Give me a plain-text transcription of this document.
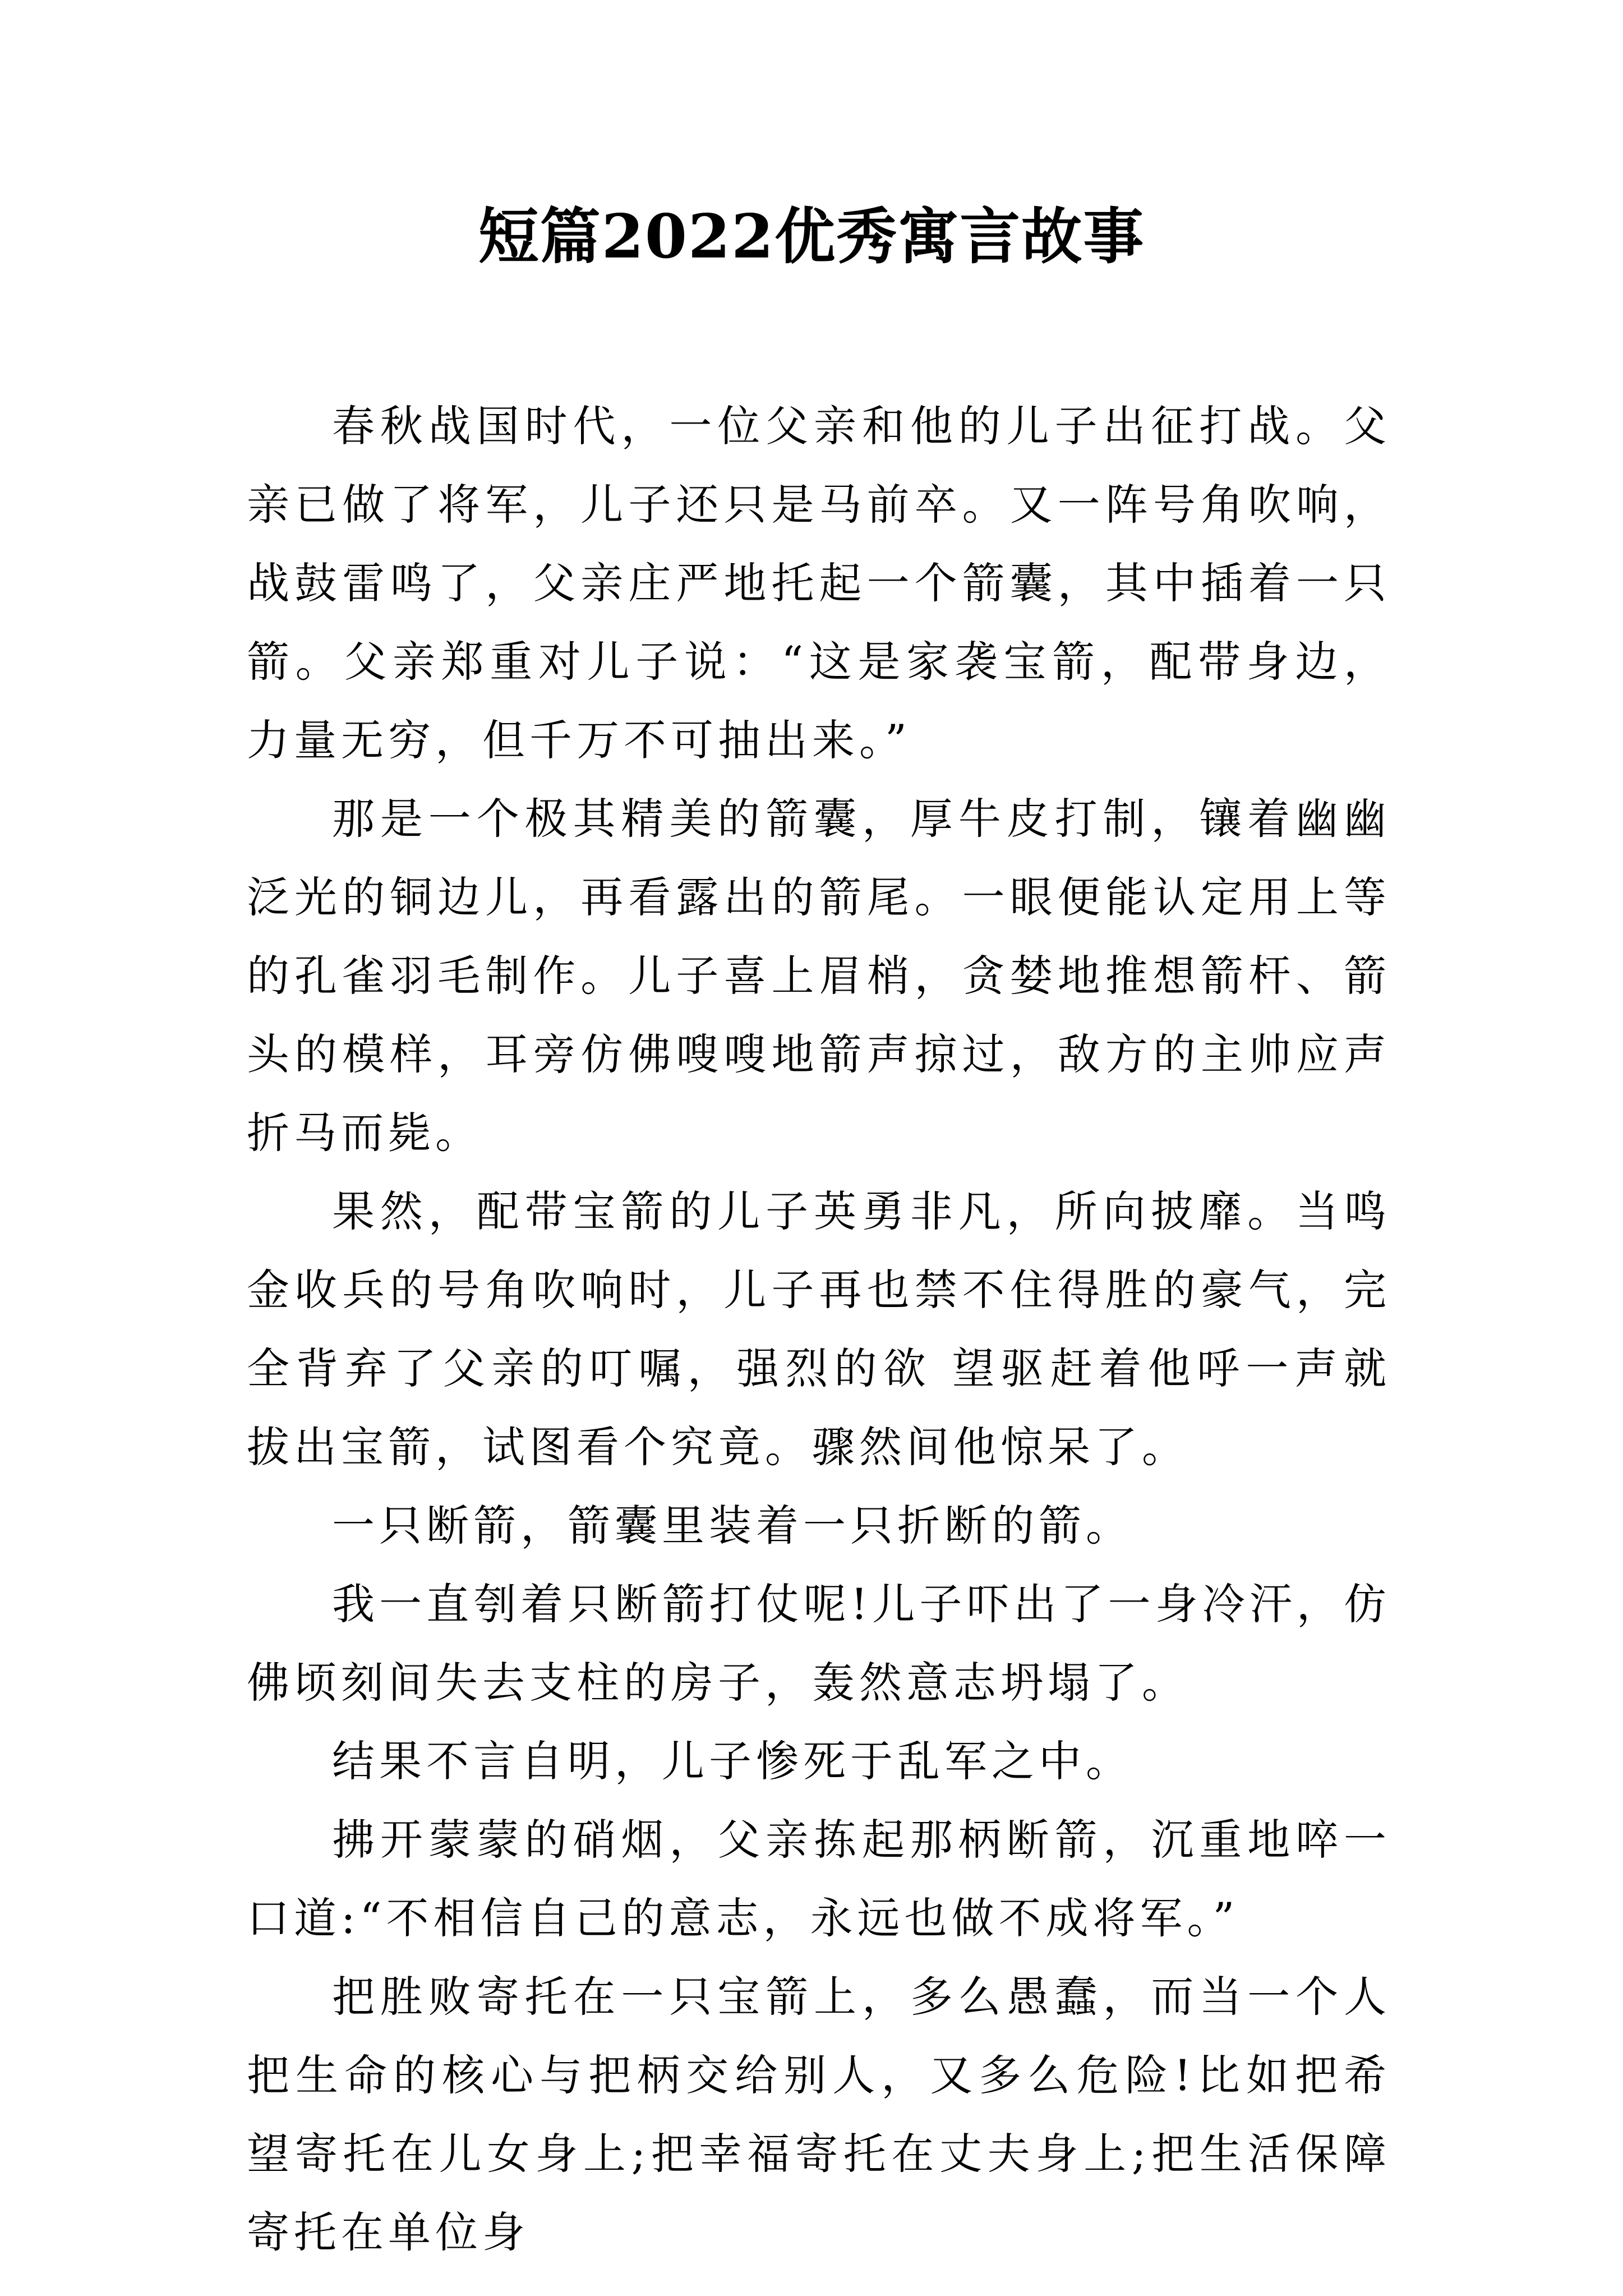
短篇2022优秀寓言故事

春秋战国时代，一位父亲和他的儿子出征打战。父亲已做了将军，儿子还只是马前卒。又一阵号角吹响，战鼓雷鸣了，父亲庄严地托起一个箭囊，其中插着一只箭。父亲郑重对儿子说：“这是家袭宝箭，配带身边，力量无穷，但千万不可抽出来。”

那是一个极其精美的箭囊，厚牛皮打制，镶着幽幽泛光的铜边儿，再看露出的箭尾。一眼便能认定用上等的孔雀羽毛制作。儿子喜上眉梢，贪婪地推想箭杆、箭头的模样，耳旁仿佛嗖嗖地箭声掠过，敌方的主帅应声折马而毙。

果然，配带宝箭的儿子英勇非凡，所向披靡。当鸣金收兵的号角吹响时，儿子再也禁不住得胜的豪气，完全背弃了父亲的叮嘱，强烈的欲 望驱赶着他呼一声就拔出宝箭，试图看个究竟。骤然间他惊呆了。

一只断箭，箭囊里装着一只折断的箭。

我一直刳着只断箭打仗呢!儿子吓出了一身冷汗，仿佛顷刻间失去支柱的房子，轰然意志坍塌了。

结果不言自明，儿子惨死于乱军之中。

拂开蒙蒙的硝烟，父亲拣起那柄断箭，沉重地啐一口道:“不相信自己的意志，永远也做不成将军。”

把胜败寄托在一只宝箭上，多么愚蠢，而当一个人把生命的核心与把柄交给别人，又多么危险!比如把希望寄托在儿女身上;把幸福寄托在丈夫身上;把生活保障寄托在单位身
